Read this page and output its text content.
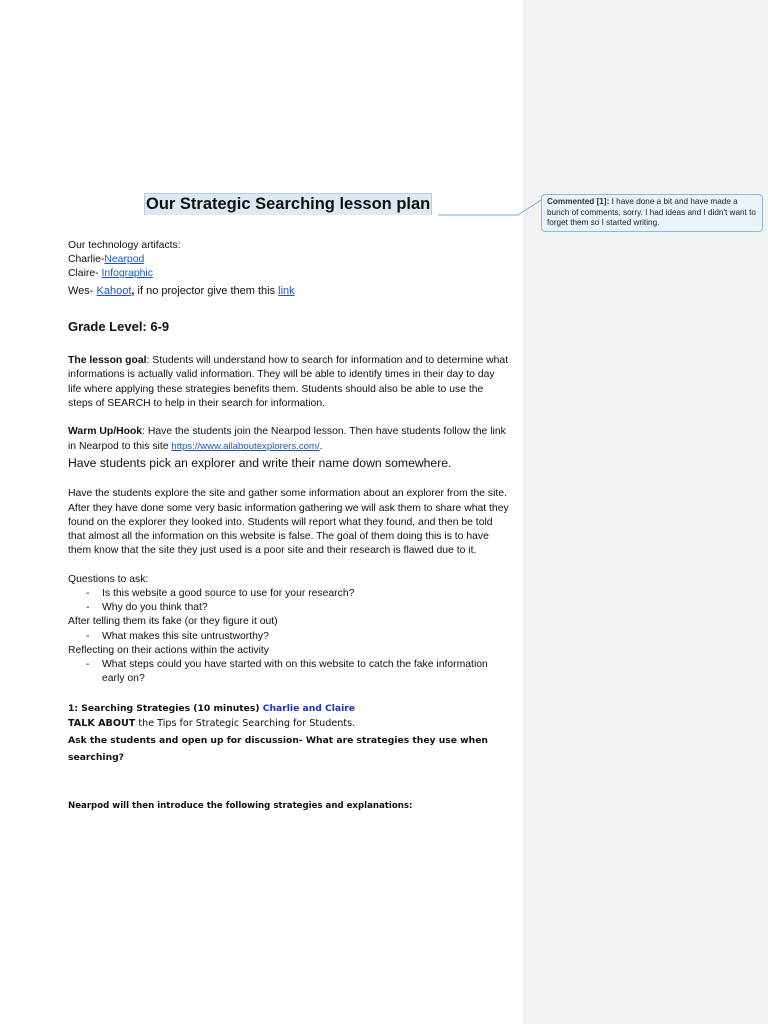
Our Strategic Searching lesson plan	Commented [1]: I have done a bit and have made a bunch of comments, sorry. I had ideas and I didn't want to forget them so I started writing.
Our technology artifacts:
Charlie-Nearpod
Claire- Infographic
Wes- Kahoot, if no projector give them this link
Grade Level: 6-9
The lesson goal: Students will understand how to search for information and to determine what
informations is actually valid information. They will be able to identify times in their day to day
life where applying these strategies benefits them. Students should also be able to use the
steps of SEARCH to help in their search for information.
Warm Up/Hook: Have the students join the Nearpod lesson. Then have students follow the link
in Nearpod to this site https://www.allaboutexplorers.com/.
Have students pick an explorer and write their name down somewhere.
Have the students explore the site and gather some information about an explorer from the site.
After they have done some very basic information gathering we will ask them to share what they
found on the explorer they looked into. Students will report what they found, and then be told
that almost all the information on this website is false. The goal of them doing this is to have
them know that the site they just used is a poor site and their research is flawed due to it.
Questions to ask:
- Is this website a good source to use for your research?
- Why do you think that?
After telling them its fake (or they figure it out)
- What makes this site untrustworthy?
Reflecting on their actions within the activity
- What steps could you have started with on this website to catch the fake information
early on?
1: Searching Strategies (10 minutes) Charlie and Claire
TALK ABOUT the Tips for Strategic Searching for Students.
Ask the students and open up for discussion- What are strategies they use when
searching?
Nearpod will then introduce the following strategies and explanations:
